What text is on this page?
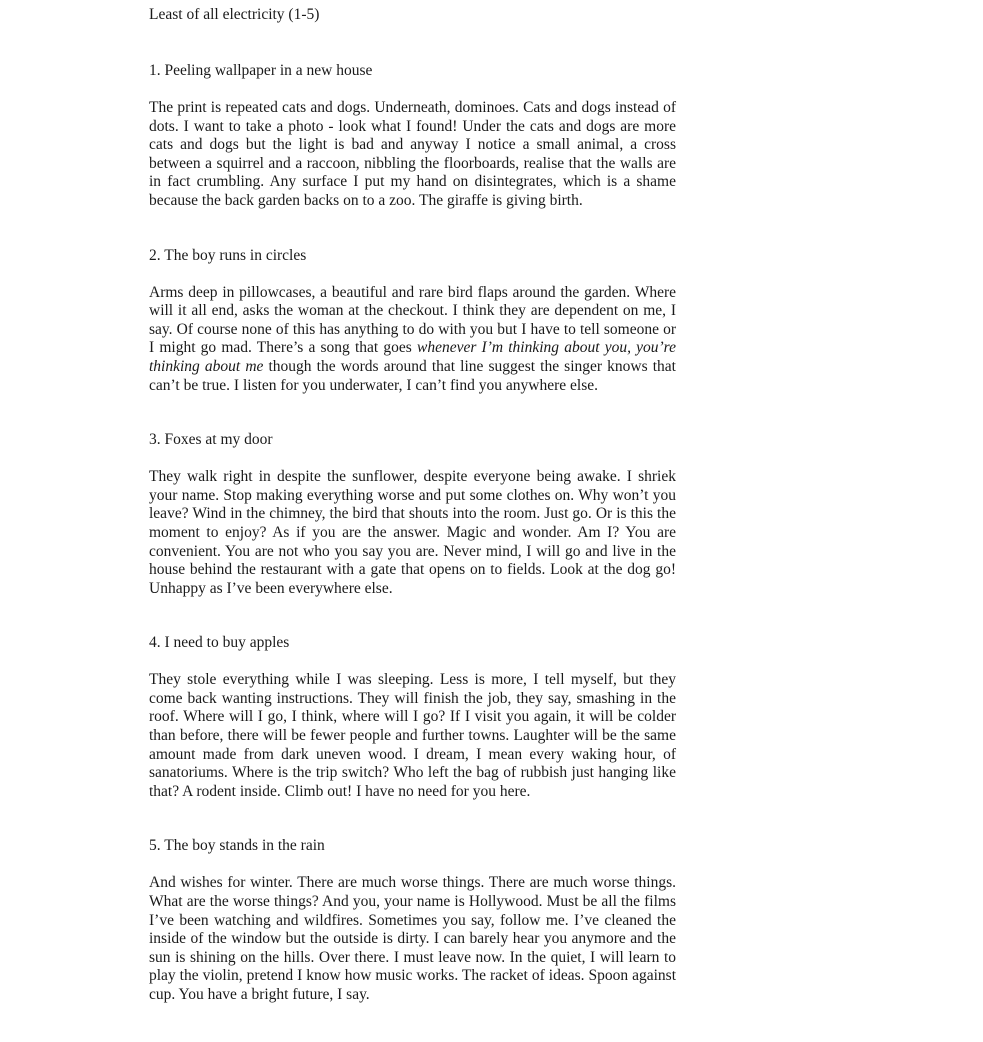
Least of all electricity (1-5)
1. Peeling wallpaper in a new house

The print is repeated cats and dogs. Underneath, dominoes. Cats and dogs instead of dots. I want to take a photo - look what I found! Under the cats and dogs are more cats and dogs but the light is bad and anyway I notice a small animal, a cross between a squirrel and a raccoon, nibbling the floorboards, realise that the walls are in fact crumbling. Any surface I put my hand on disintegrates, which is a shame because the back garden backs on to a zoo. The giraffe is giving birth.

2. The boy runs in circles

Arms deep in pillowcases, a beautiful and rare bird flaps around the garden. Where will it all end, asks the woman at the checkout. I think they are dependent on me, I say. Of course none of this has anything to do with you but I have to tell someone or I might go mad. There’s a song that goes whenever I’m thinking about you, you’re thinking about me though the words around that line suggest the singer knows that can’t be true. I listen for you underwater, I can’t find you anywhere else.

3. Foxes at my door

They walk right in despite the sunflower, despite everyone being awake. I shriek your name. Stop making everything worse and put some clothes on. Why won’t you leave? Wind in the chimney, the bird that shouts into the room. Just go. Or is this the moment to enjoy? As if you are the answer. Magic and wonder. Am I? You are convenient. You are not who you say you are. Never mind, I will go and live in the house behind the restaurant with a gate that opens on to fields. Look at the dog go! Unhappy as I’ve been everywhere else.

4. I need to buy apples

They stole everything while I was sleeping. Less is more, I tell myself, but they come back wanting instructions. They will finish the job, they say, smashing in the roof. Where will I go, I think, where will I go? If I visit you again, it will be colder than before, there will be fewer people and further towns. Laughter will be the same amount made from dark uneven wood. I dream, I mean every waking hour, of sanatoriums. Where is the trip switch? Who left the bag of rubbish just hanging like that? A rodent inside. Climb out! I have no need for you here.

5. The boy stands in the rain

And wishes for winter. There are much worse things. There are much worse things. What are the worse things? And you, your name is Hollywood. Must be all the films I’ve been watching and wildfires. Sometimes you say, follow me. I’ve cleaned the inside of the window but the outside is dirty. I can barely hear you anymore and the sun is shining on the hills. Over there. I must leave now. In the quiet, I will learn to play the violin, pretend I know how music works. The racket of ideas. Spoon against cup. You have a bright future, I say.
